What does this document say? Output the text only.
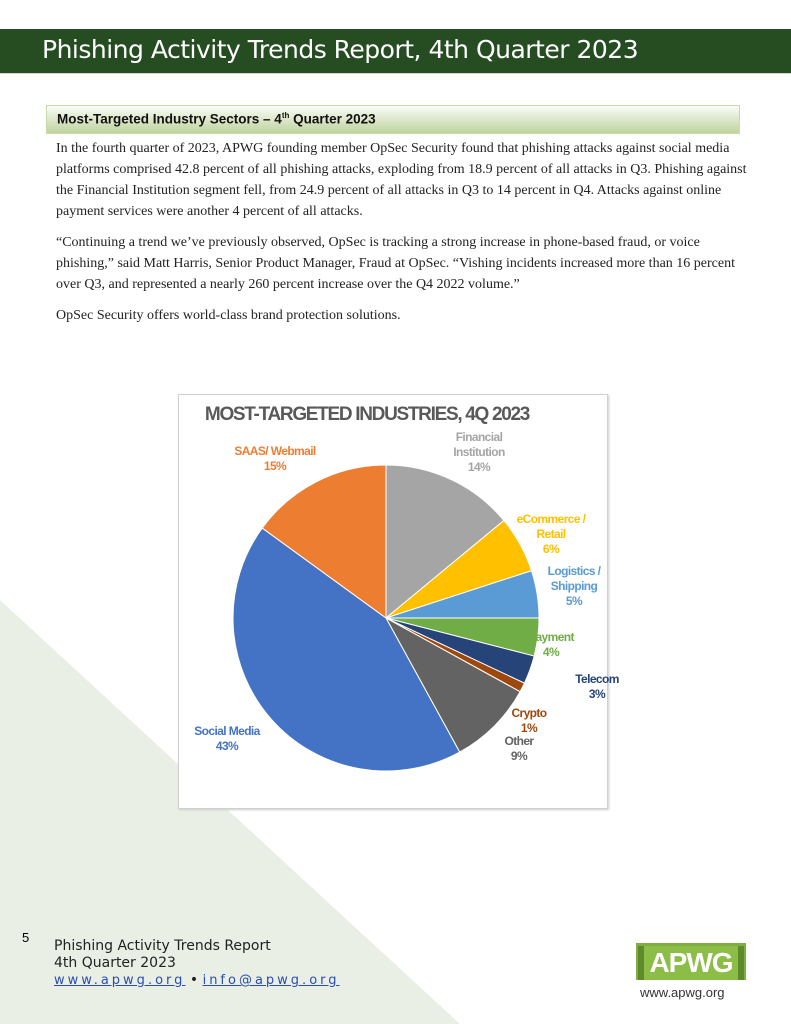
Phishing Activity Trends Report, 4th Quarter 2023
Most-Targeted Industry Sectors – 4th Quarter 2023

In the fourth quarter of 2023, APWG founding member OpSec Security found that phishing attacks against social media platforms comprised 42.8 percent of all phishing attacks, exploding from 18.9 percent of all attacks in Q3. Phishing against the Financial Institution segment fell, from 24.9 percent of all attacks in Q3 to 14 percent in Q4. Attacks against online payment services were another 4 percent of all attacks.

“Continuing a trend we’ve previously observed, OpSec is tracking a strong increase in phone-based fraud, or voice phishing,” said Matt Harris, Senior Product Manager, Fraud at OpSec. “Vishing incidents increased more than 16 percent over Q3, and represented a nearly 260 percent increase over the Q4 2022 volume.”

OpSec Security offers world-class brand protection solutions.

MOST-TARGETED INDUSTRIES, 4Q 2023
Financial Institution 14%
eCommerce / Retail 6%
Logistics / Shipping 5%
Payment 4%
Telecom 3%
Crypto 1%
Other 9%
Social Media 43%
SAAS/ Webmail 15%
5
Phishing Activity Trends Report
4th Quarter 2023
www.apwg.org • info@apwg.org
APWG
www.apwg.org
